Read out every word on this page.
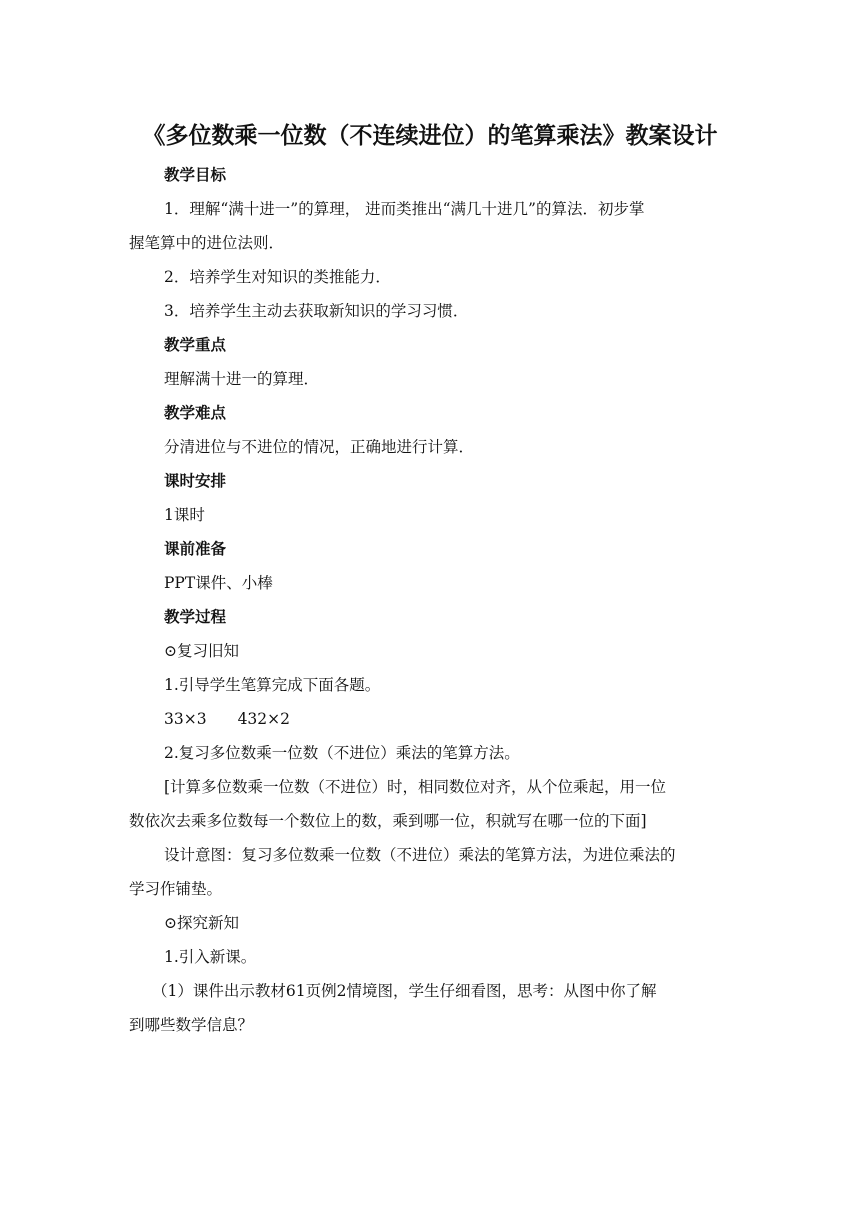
《多位数乘一位数（不连续进位）的笔算乘法》教案设计
教学目标
1．理解“满十进一”的算理， 进而类推出“满几十进几”的算法．初步掌
握笔算中的进位法则．
2．培养学生对知识的类推能力．
3．培养学生主动去获取新知识的学习习惯．
教学重点
理解满十进一的算理．
教学难点
分清进位与不进位的情况，正确地进行计算．
课时安排
1课时
课前准备
PPT课件、小棒
教学过程
⊙复习旧知
1.引导学生笔算完成下面各题。
33×3　　432×2
2.复习多位数乘一位数（不进位）乘法的笔算方法。
[计算多位数乘一位数（不进位）时，相同数位对齐，从个位乘起，用一位
数依次去乘多位数每一个数位上的数，乘到哪一位，积就写在哪一位的下面]
设计意图：复习多位数乘一位数（不进位）乘法的笔算方法，为进位乘法的
学习作铺垫。
⊙探究新知
1.引入新课。
（1）课件出示教材61页例2情境图，学生仔细看图，思考：从图中你了解
到哪些数学信息？
